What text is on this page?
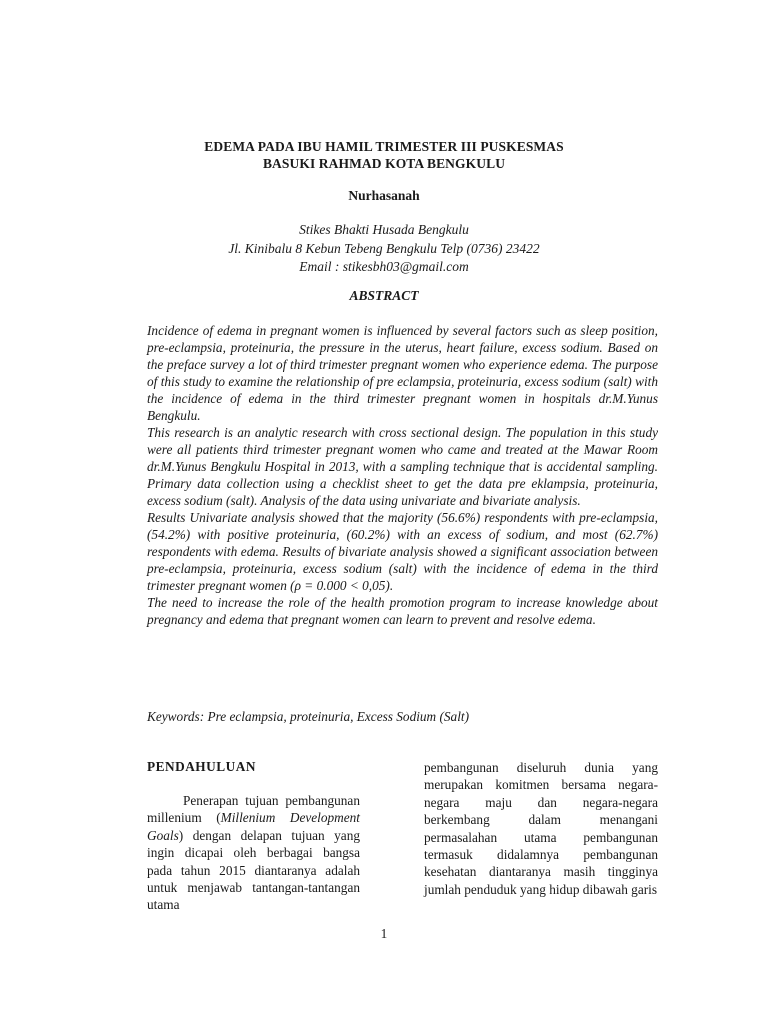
EDEMA PADA IBU HAMIL TRIMESTER III PUSKESMAS
BASUKI RAHMAD KOTA BENGKULU
Nurhasanah
Stikes Bhakti Husada Bengkulu
Jl. Kinibalu 8 Kebun Tebeng Bengkulu Telp (0736) 23422
Email : stikesbh03@gmail.com
ABSTRACT

Incidence of edema in pregnant women is influenced by several factors such as sleep position, pre-eclampsia, proteinuria, the pressure in the uterus, heart failure, excess sodium. Based on the preface survey a lot of third trimester pregnant women who experience edema. The purpose of this study to examine the relationship of pre eclampsia, proteinuria, excess sodium (salt) with the incidence of edema in the third trimester pregnant women in hospitals dr.M.Yunus Bengkulu.

This research is an analytic research with cross sectional design. The population in this study were all patients third trimester pregnant women who came and treated at the Mawar Room dr.M.Yunus Bengkulu Hospital in 2013, with a sampling technique that is accidental sampling. Primary data collection using a checklist sheet to get the data pre eklampsia, proteinuria, excess sodium (salt). Analysis of the data using univariate and bivariate analysis.

Results Univariate analysis showed that the majority (56.6%) respondents with pre-eclampsia, (54.2%) with positive proteinuria, (60.2%) with an excess of sodium, and most (62.7%) respondents with edema. Results of bivariate analysis showed a significant association between pre-eclampsia, proteinuria, excess sodium (salt) with the incidence of edema in the third trimester pregnant women (ρ = 0.000 < 0,05).

The need to increase the role of the health promotion program to increase knowledge about pregnancy and edema that pregnant women can learn to prevent and resolve edema.

Keywords: Pre eclampsia, proteinuria, Excess Sodium (Salt)
PENDAHULUAN

Penerapan tujuan pembangunan millenium (Millenium Development Goals) dengan delapan tujuan yang ingin dicapai oleh berbagai bangsa pada tahun 2015 diantaranya adalah untuk menjawab tantangan-tantangan utama

pembangunan diseluruh dunia yang merupakan komitmen bersama negara-negara maju dan negara-negara berkembang dalam menangani permasalahan utama pembangunan termasuk didalamnya pembangunan kesehatan diantaranya masih tingginya jumlah penduduk yang hidup dibawah garis

1
